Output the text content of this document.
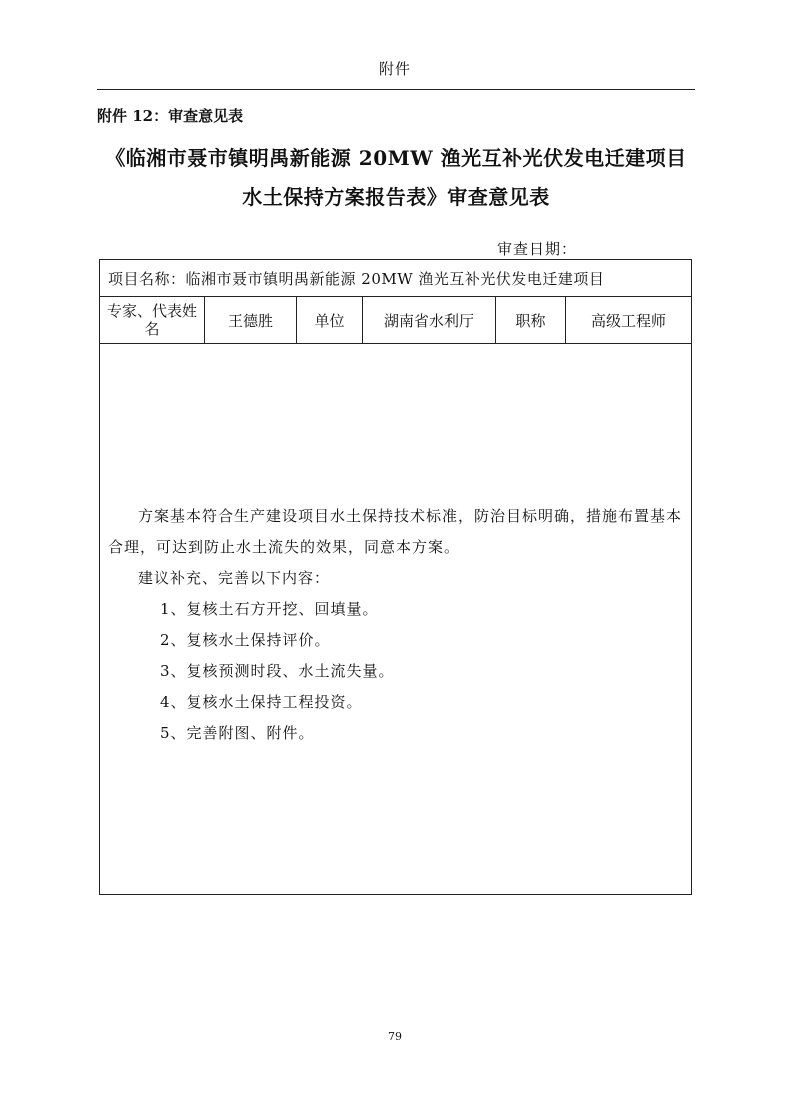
附件
附件 12：审查意见表
《临湘市聂市镇明禺新能源 20MW 渔光互补光伏发电迁建项目
水土保持方案报告表》审查意见表
审查日期：
项目名称：临湘市聂市镇明禺新能源 20MW 渔光互补光伏发电迁建项目
专家、代表姓名	王德胜	单位	湖南省水利厅	职称	高级工程师

方案基本符合生产建设项目水土保持技术标准，防治目标明确，措施布置基本合理，可达到防止水土流失的效果，同意本方案。

建议补充、完善以下内容：

1、复核土石方开挖、回填量。

2、复核水土保持评价。

3、复核预测时段、水土流失量。

4、复核水土保持工程投资。

5、完善附图、附件。

79
